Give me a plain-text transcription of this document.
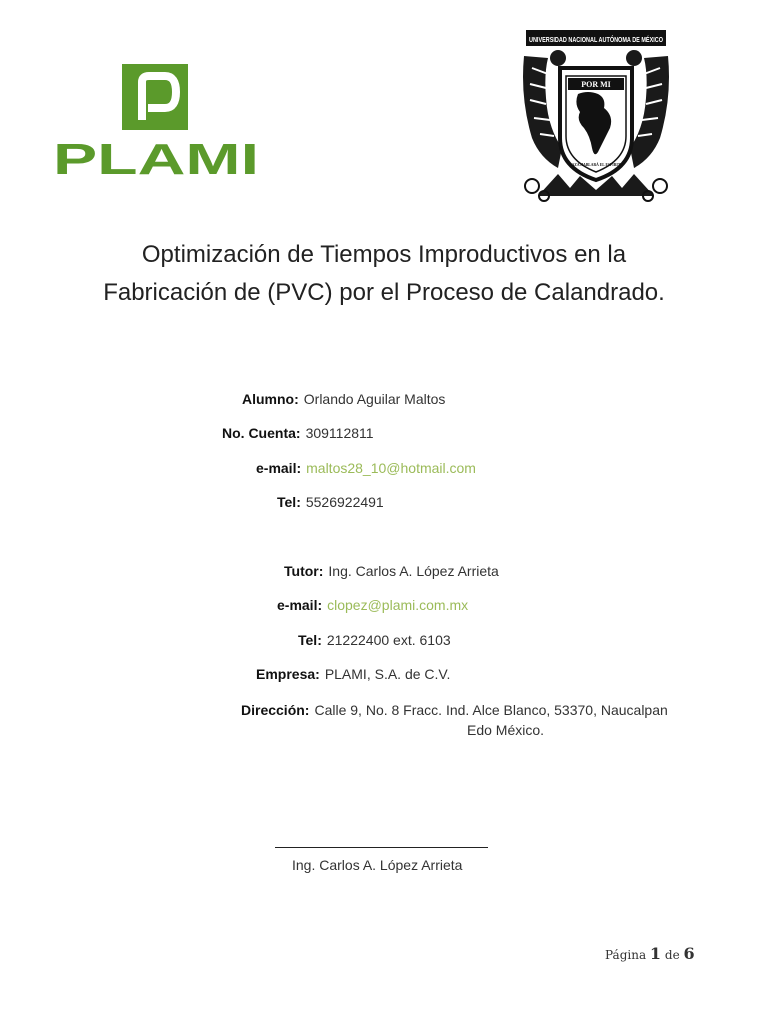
PLAMI
UNIVERSIDAD NACIONAL AUTÓNOMA DE MÉXICO
POR MI
RAZA HABLARÁ EL ESPÍRITU
Optimización de Tiempos Improductivos en la
Fabricación de (PVC) por el Proceso de Calandrado.
Alumno: Orlando Aguilar Maltos
No. Cuenta: 309112811
e-mail: maltos28_10@hotmail.com
Tel: 5526922491
Tutor: Ing. Carlos A. López Arrieta
e-mail: clopez@plami.com.mx
Tel: 21222400 ext. 6103
Empresa: PLAMI, S.A. de C.V.
Dirección: Calle 9, No. 8 Fracc. Ind. Alce Blanco, 53370, Naucalpan
Edo México.
Ing. Carlos A. López Arrieta
Página 1 de 6
